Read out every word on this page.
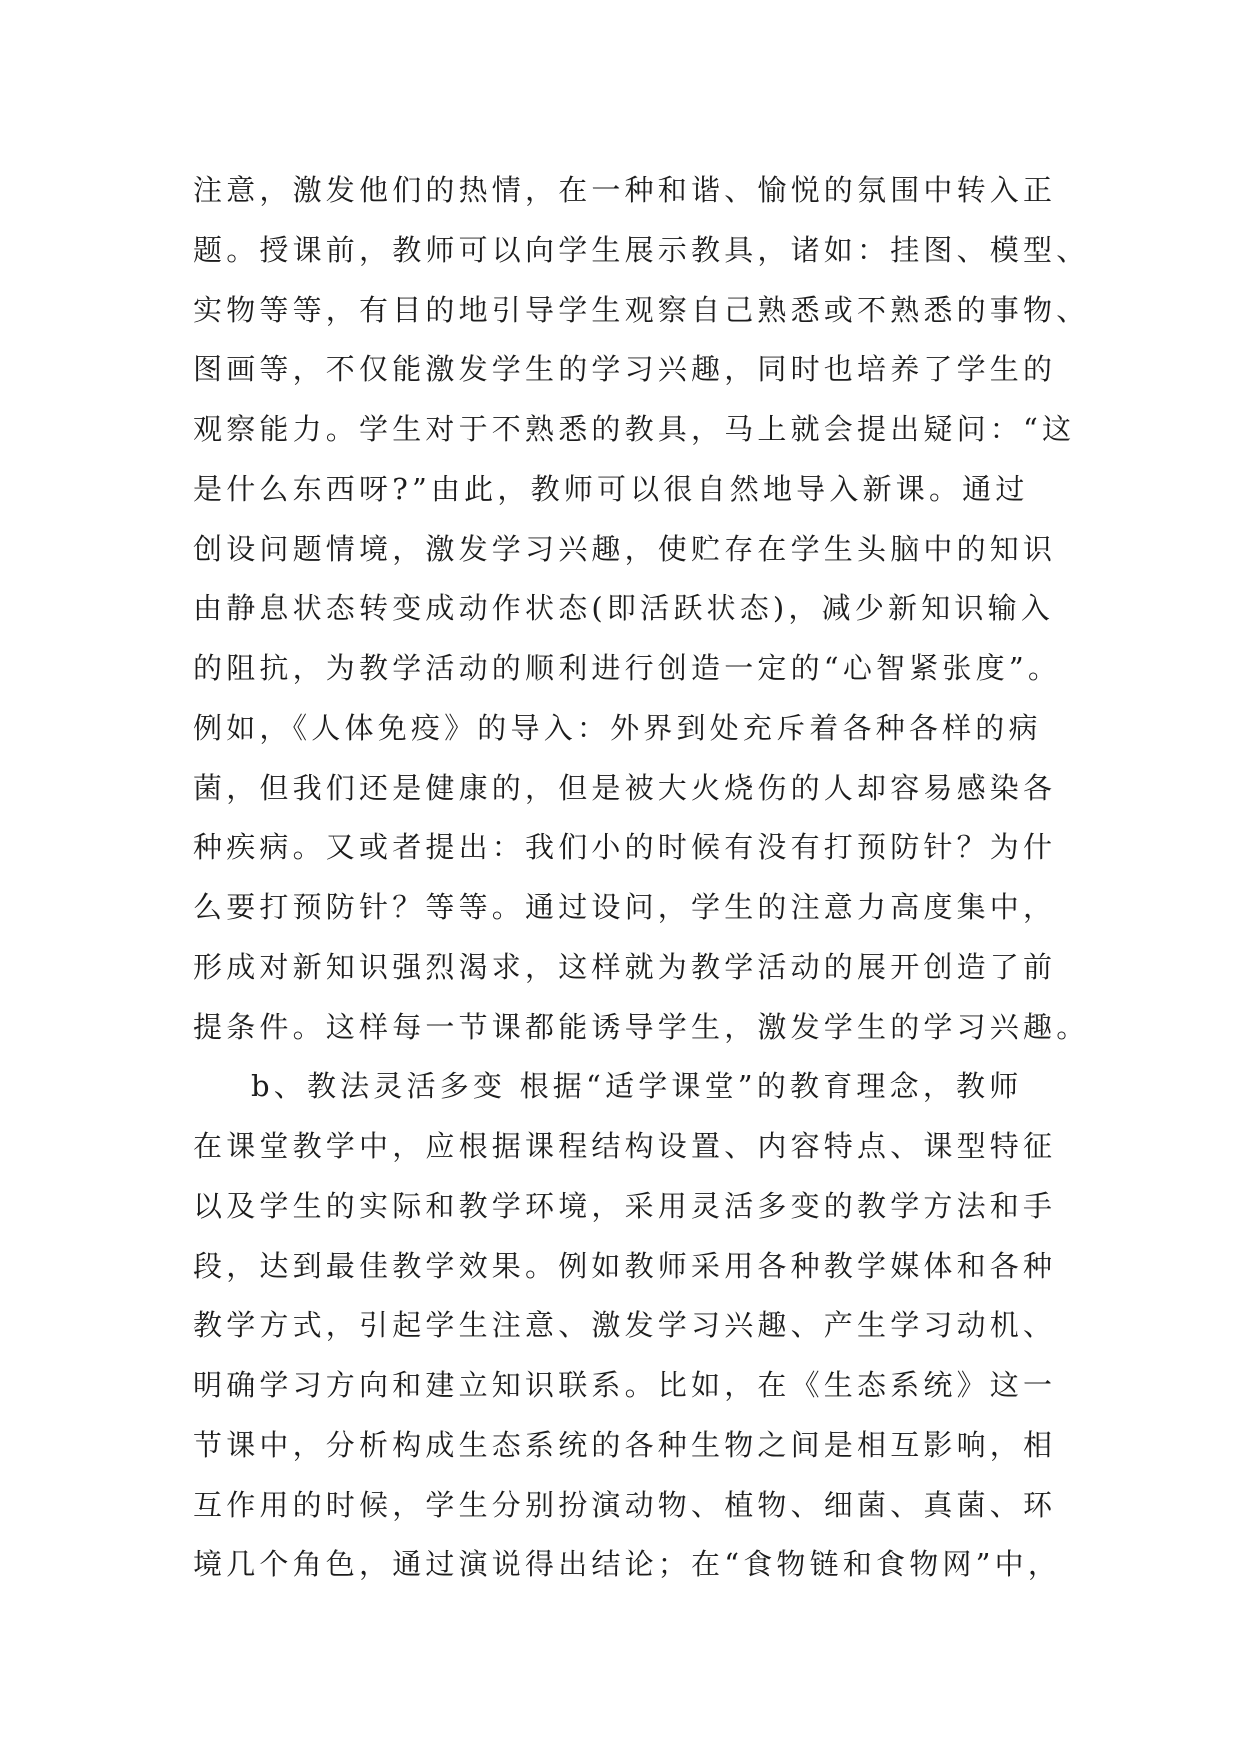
注意，激发他们的热情，在一种和谐、愉悦的氛围中转入正
题。授课前，教师可以向学生展示教具，诸如：挂图、模型、
实物等等，有目的地引导学生观察自己熟悉或不熟悉的事物、
图画等，不仅能激发学生的学习兴趣，同时也培养了学生的
观察能力。学生对于不熟悉的教具，马上就会提出疑问：“这
是什么东西呀?”由此，教师可以很自然地导入新课。通过
创设问题情境，激发学习兴趣，使贮存在学生头脑中的知识
由静息状态转变成动作状态(即活跃状态)，减少新知识输入
的阻抗，为教学活动的顺利进行创造一定的“心智紧张度”。
例如，《人体免疫》的导入：外界到处充斥着各种各样的病
菌，但我们还是健康的，但是被大火烧伤的人却容易感染各
种疾病。又或者提出：我们小的时候有没有打预防针？为什
么要打预防针？等等。通过设问，学生的注意力高度集中，
形成对新知识强烈渴求，这样就为教学活动的展开创造了前
提条件。这样每一节课都能诱导学生，激发学生的学习兴趣。
b、教法灵活多变 根据“适学课堂”的教育理念，教师
在课堂教学中，应根据课程结构设置、内容特点、课型特征
以及学生的实际和教学环境，采用灵活多变的教学方法和手
段，达到最佳教学效果。例如教师采用各种教学媒体和各种
教学方式，引起学生注意、激发学习兴趣、产生学习动机、
明确学习方向和建立知识联系。比如，在《生态系统》这一
节课中，分析构成生态系统的各种生物之间是相互影响，相
互作用的时候，学生分别扮演动物、植物、细菌、真菌、环
境几个角色，通过演说得出结论；在“食物链和食物网”中，
